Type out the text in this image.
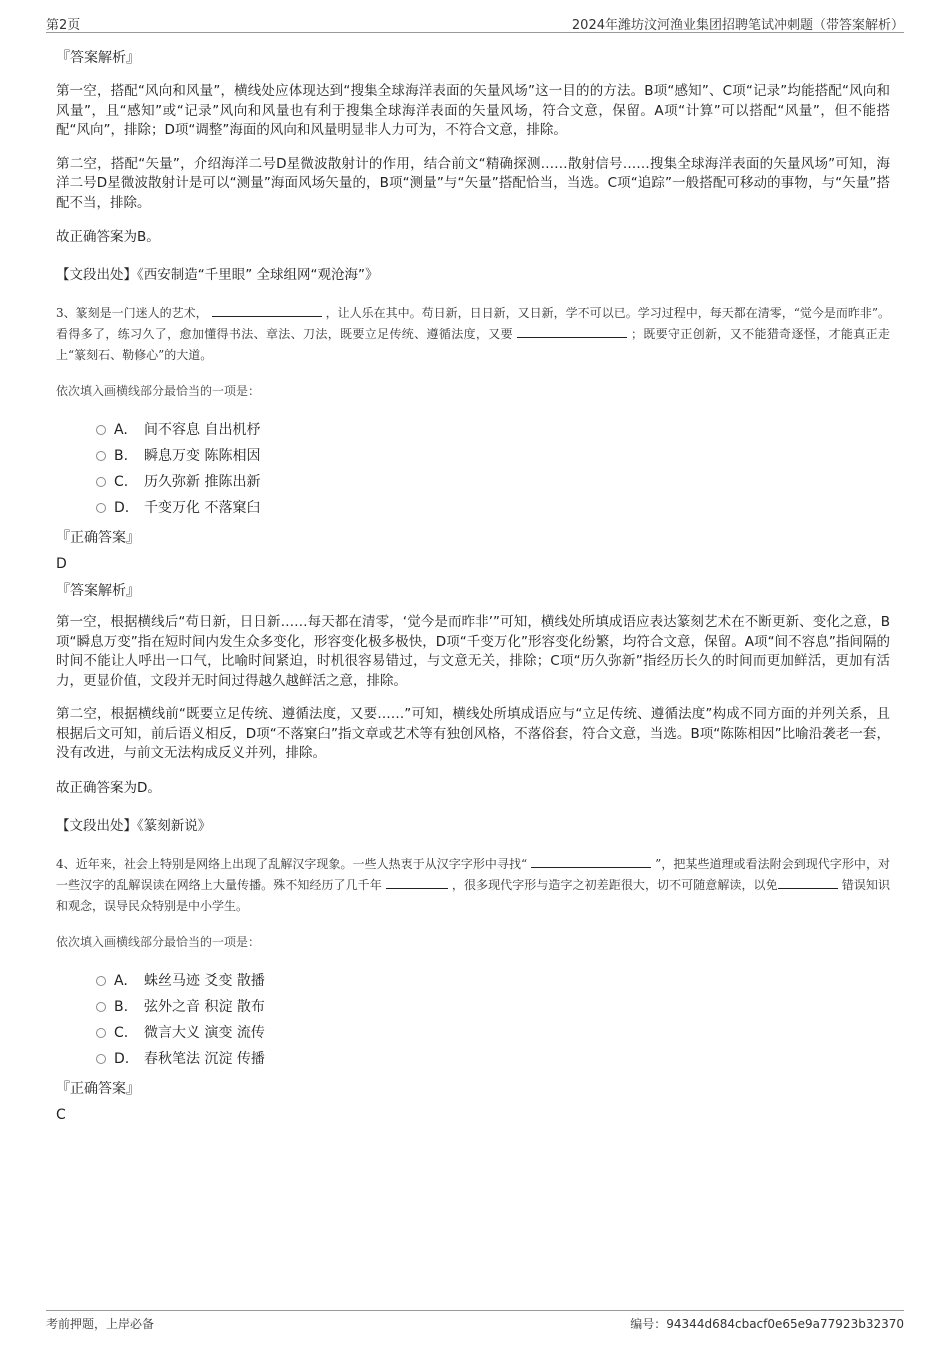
第2页	2024年潍坊汶河渔业集团招聘笔试冲刺题（带答案解析）
『答案解析』

第一空，搭配“风向和风量”，横线处应体现达到“搜集全球海洋表面的矢量风场”这一目的的方法。B项“感知”、C项“记录”均能搭配“风向和风量”，且“感知”或“记录”风向和风量也有利于搜集全球海洋表面的矢量风场，符合文意，保留。A项“计算”可以搭配“风量”，但不能搭配“风向”，排除；D项“调整”海面的风向和风量明显非人力可为，不符合文意，排除。

第二空，搭配“矢量”，介绍海洋二号D星微波散射计的作用，结合前文“精确探测……散射信号……搜集全球海洋表面的矢量风场”可知，海洋二号D星微波散射计是可以“测量”海面风场矢量的，B项“测量”与“矢量”搭配恰当，当选。C项“追踪”一般搭配可移动的事物，与“矢量”搭配不当，排除。

故正确答案为B。
【文段出处】《西安制造“千里眼” 全球组网“观沧海”》
3、篆刻是一门迷人的艺术，	，让人乐在其中。苟日新，日日新，又日新，学不可以已。学习过程中，每天都在清零，“觉今是而昨非”。看得多了，练习久了，愈加懂得书法、章法、刀法，既要立足传统、遵循法度，又要	；既要守正创新，又不能猎奇逐怪，才能真正走上“篆刻石、勒修心”的大道。
依次填入画横线部分最恰当的一项是：
A.	间不容息 自出机杼
B.	瞬息万变 陈陈相因
C.	历久弥新 推陈出新
D.	千变万化 不落窠臼
『正确答案』
D
『答案解析』

第一空，根据横线后“苟日新，日日新……每天都在清零，‘觉今是而昨非’”可知，横线处所填成语应表达篆刻艺术在不断更新、变化之意，B项“瞬息万变”指在短时间内发生众多变化，形容变化极多极快，D项“千变万化”形容变化纷繁，均符合文意，保留。A项“间不容息”指间隔的时间不能让人呼出一口气，比喻时间紧迫，时机很容易错过，与文意无关，排除；C项“历久弥新”指经历长久的时间而更加鲜活，更加有活力，更显价值，文段并无时间过得越久越鲜活之意，排除。

第二空，根据横线前“既要立足传统、遵循法度，又要……”可知，横线处所填成语应与“立足传统、遵循法度”构成不同方面的并列关系，且根据后文可知，前后语义相反，D项“不落窠臼”指文章或艺术等有独创风格，不落俗套，符合文意，当选。B项“陈陈相因”比喻沿袭老一套，没有改进，与前文无法构成反义并列，排除。

故正确答案为D。
【文段出处】《篆刻新说》
4、近年来，社会上特别是网络上出现了乱解汉字现象。一些人热衷于从汉字字形中寻找“	”，把某些道理或看法附会到现代字形中，对一些汉字的乱解误读在网络上大量传播。殊不知经历了几千年	，很多现代字形与造字之初差距很大，切不可随意解读，以免	错误知识和观念，误导民众特别是中小学生。
依次填入画横线部分最恰当的一项是：
A.	蛛丝马迹 爻变 散播
B.	弦外之音 积淀 散布
C.	微言大义 演变 流传
D.	春秋笔法 沉淀 传播
『正确答案』
C
考前押题，上岸必备	编号：94344d684cbacf0e65e9a77923b32370
